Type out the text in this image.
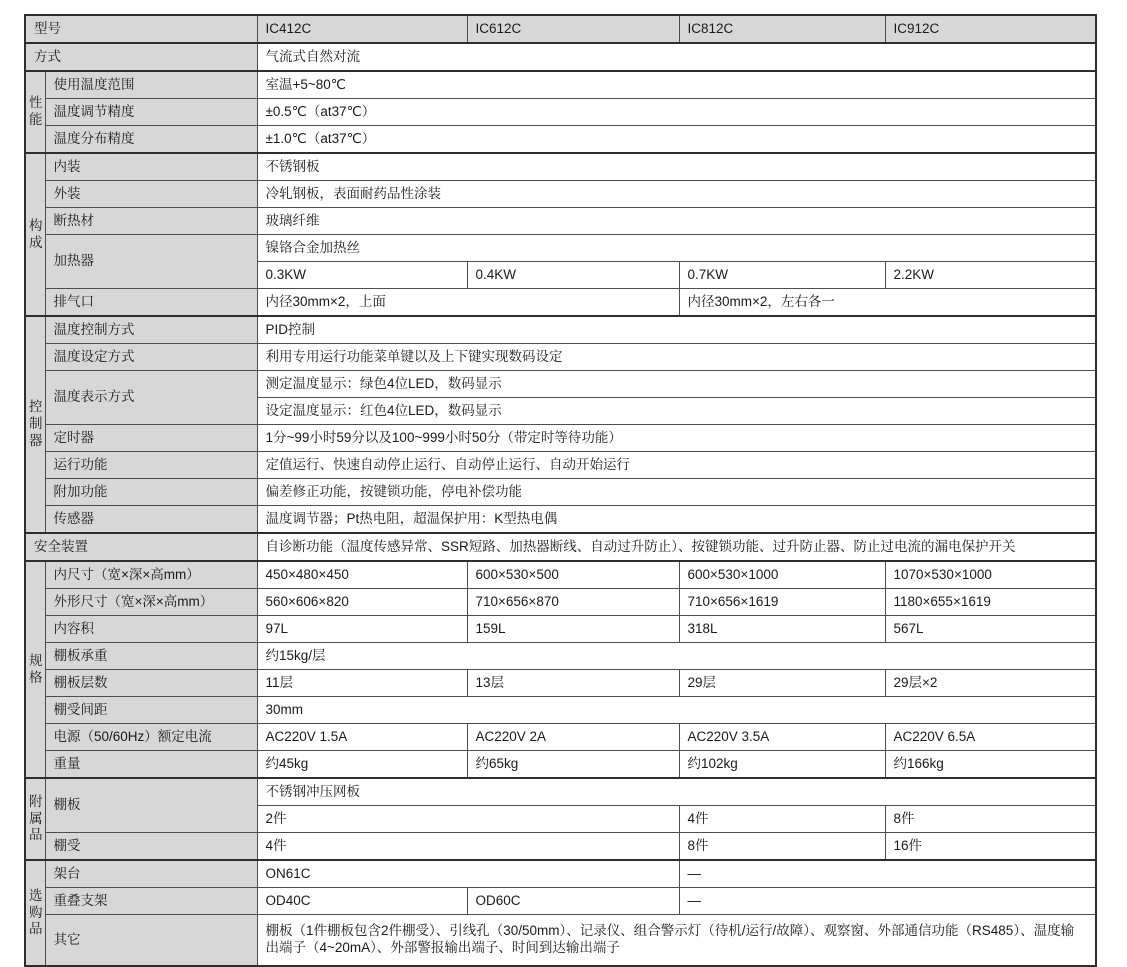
型号		IC412C	IC612C	IC812C	IC912C
方式		气流式自然对流			
性能	使用温度范围	室温+5~80℃			
	温度调节精度	±0.5℃（at37℃）			
	温度分布精度	±1.0℃（at37℃）			
构成	内装	不锈钢板			
	外装	冷轧钢板，表面耐药品性涂装			
	断热材	玻璃纤维			
	加热器	镍铬合金加热丝			
		0.3KW	0.4KW	0.7KW	2.2KW
	排气口	内径30mm×2，上面		内径30mm×2，左右各一	
控制器	温度控制方式	PID控制			
	温度设定方式	利用专用运行功能菜单键以及上下键实现数码设定			
	温度表示方式	测定温度显示：绿色4位LED，数码显示			
		设定温度显示：红色4位LED，数码显示			
	定时器	1分~99小时59分以及100~999小时50分（带定时等待功能）			
	运行功能	定值运行、快速自动停止运行、自动停止运行、自动开始运行			
	附加功能	偏差修正功能，按键锁功能，停电补偿功能			
	传感器	温度调节器；Pt热电阻，超温保护用：K型热电偶			
安全装置		自诊断功能（温度传感异常、SSR短路、加热器断线、自动过升防止）、按键锁功能、过升防止器、防止过电流的漏电保护开关			
规格	内尺寸（宽×深×高mm）	450×480×450	600×530×500	600×530×1000	1070×530×1000
	外形尺寸（宽×深×高mm）	560×606×820	710×656×870	710×656×1619	1180×655×1619
	内容积	97L	159L	318L	567L
	棚板承重	约15kg/层			
	棚板层数	11层	13层	29层	29层×2
	棚受间距	30mm			
	电源（50/60Hz）额定电流	AC220V 1.5A	AC220V 2A	AC220V 3.5A	AC220V 6.5A
	重量	约45kg	约65kg	约102kg	约166kg
附属品	棚板	不锈钢冲压网板			
		2件		4件	8件
	棚受	4件		8件	16件
选购品	架台	ON61C		—	
	重叠支架	OD40C	OD60C	—	
	其它	棚板（1件棚板包含2件棚受）、引线孔（30/50mm）、记录仪、组合警示灯（待机/运行/故障）、观察窗、外部通信功能（RS485）、温度输出端子（4~20mA）、外部警报输出端子、时间到达输出端子			
